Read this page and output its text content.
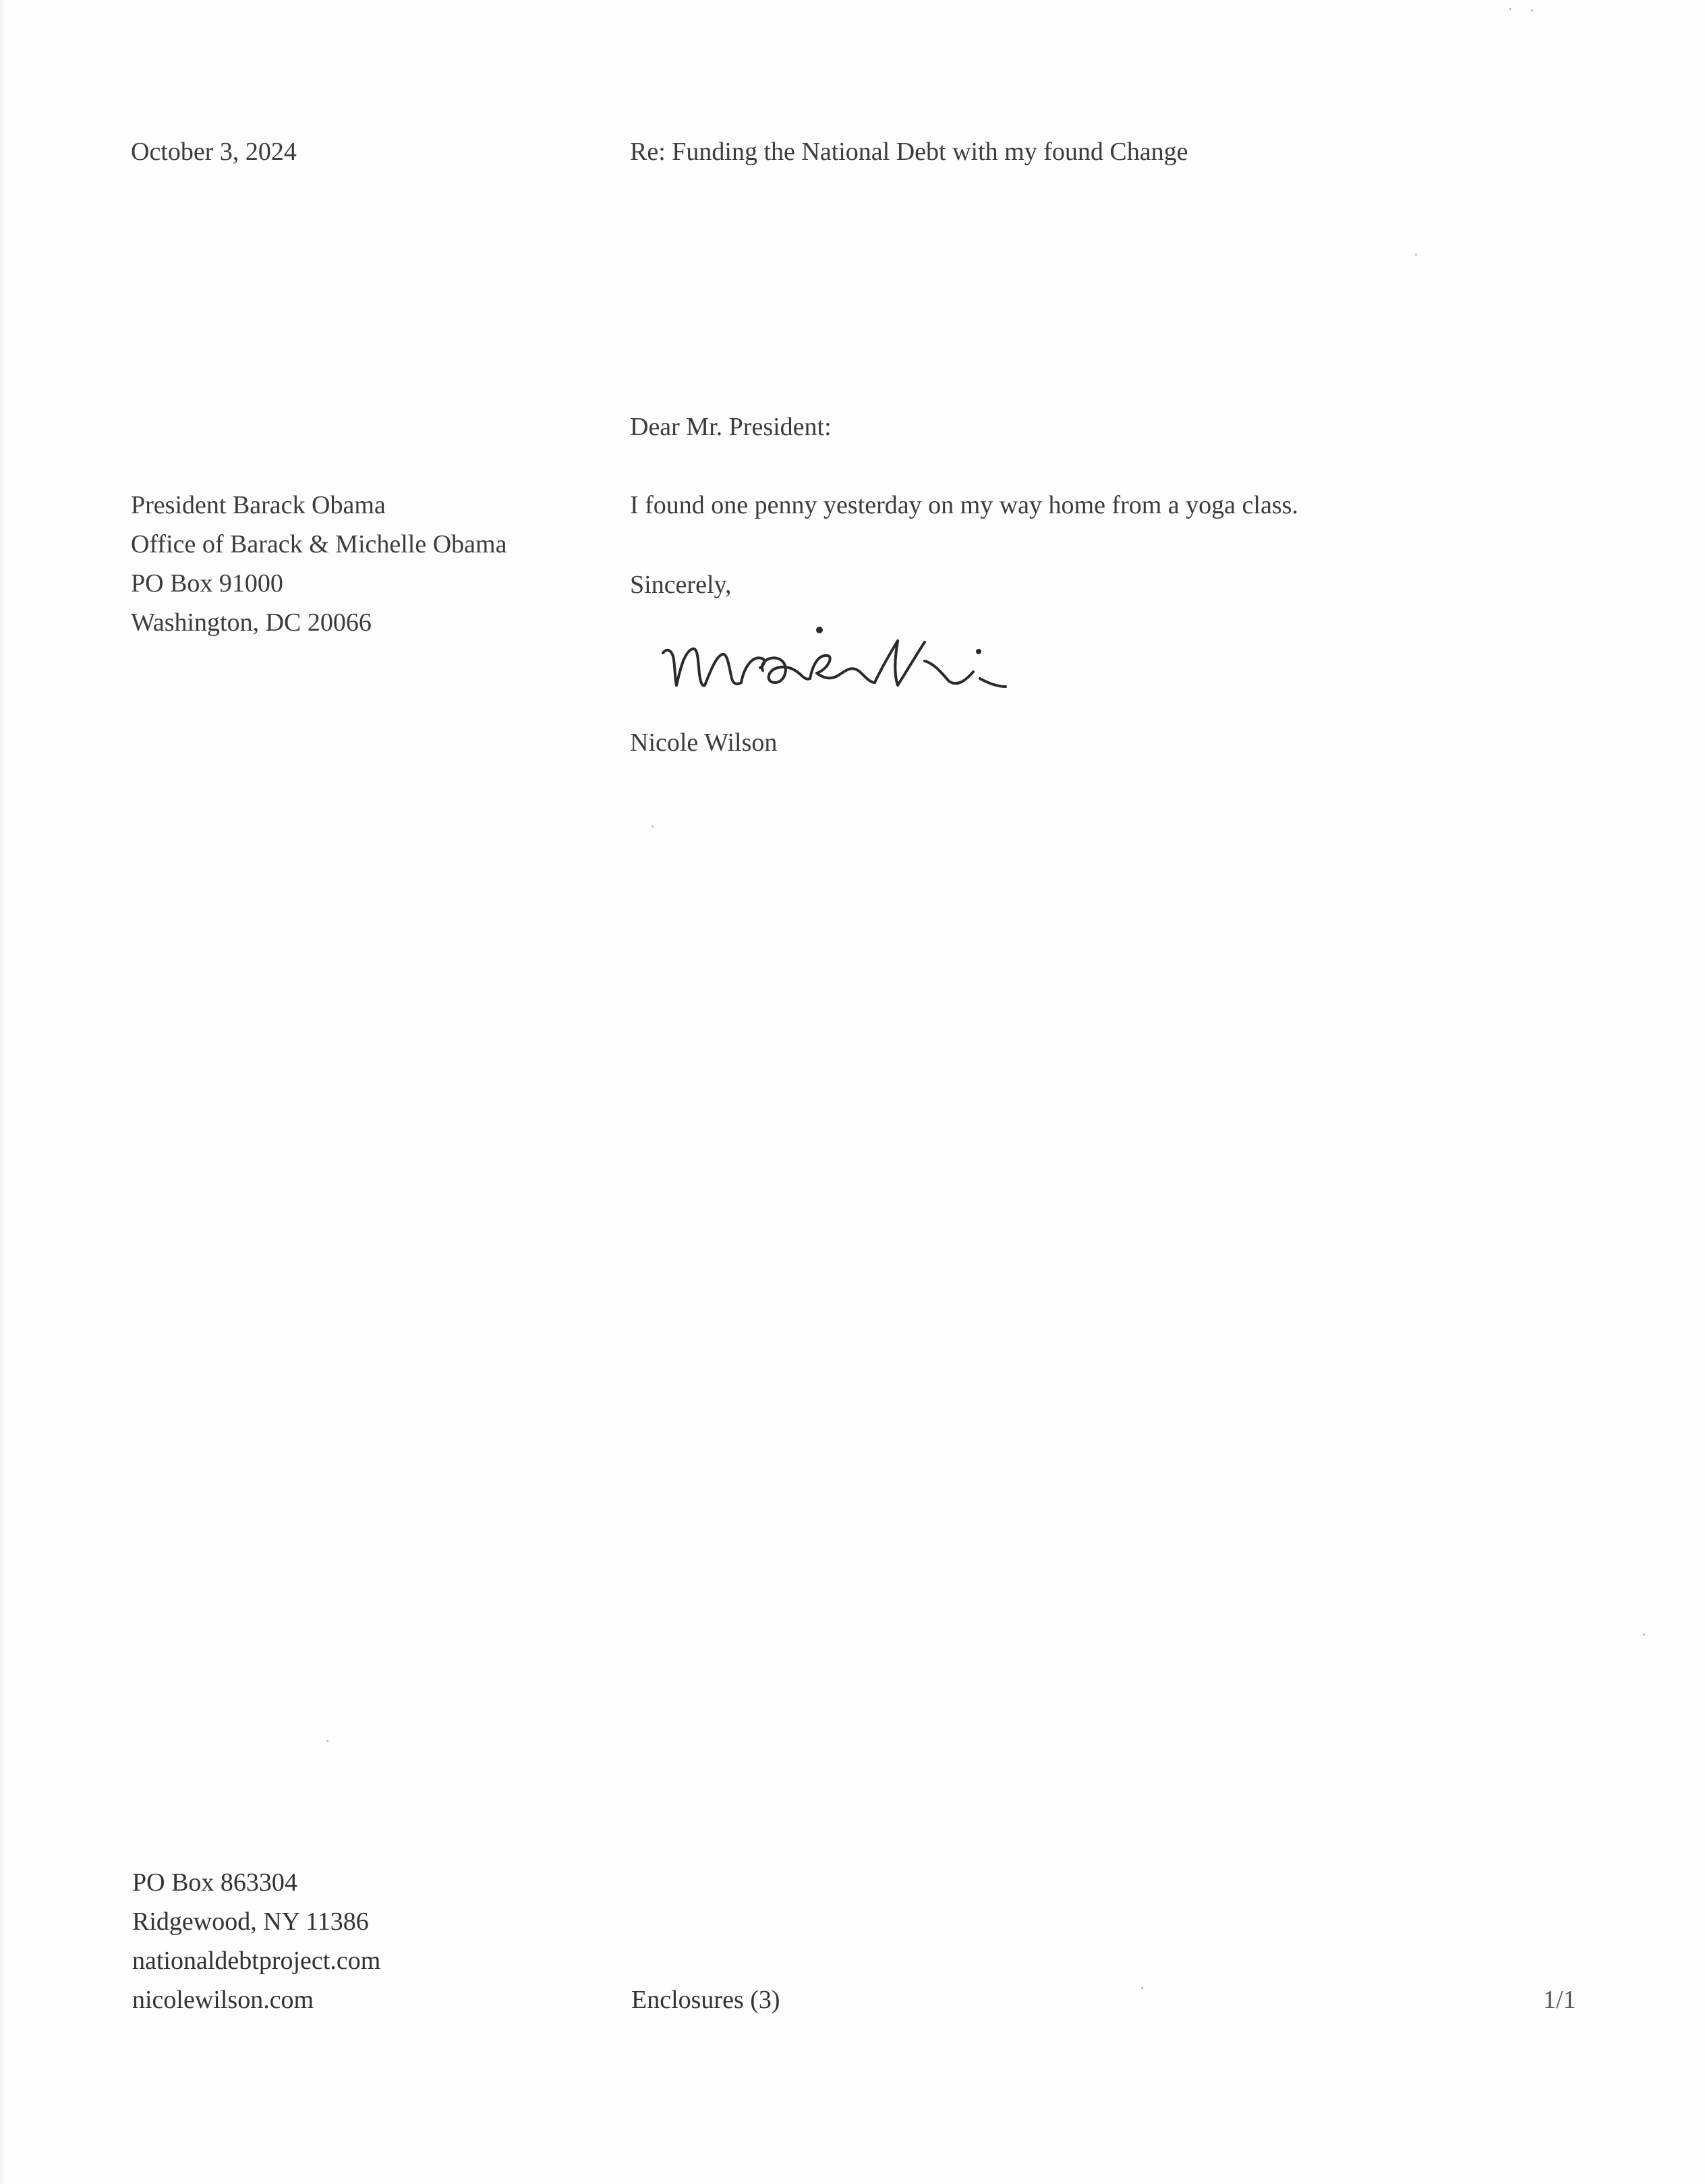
October 3, 2024	Re: Funding the National Debt with my found Change
Dear Mr. President:
President Barack Obama
Office of Barack & Michelle Obama
PO Box 91000
Washington, DC 20066
I found one penny yesterday on my way home from a yoga class.
Sincerely,
Nicole Wilson
PO Box 863304
Ridgewood, NY 11386
nationaldebtproject.com
nicolewilson.com	Enclosures (3)	1/1
